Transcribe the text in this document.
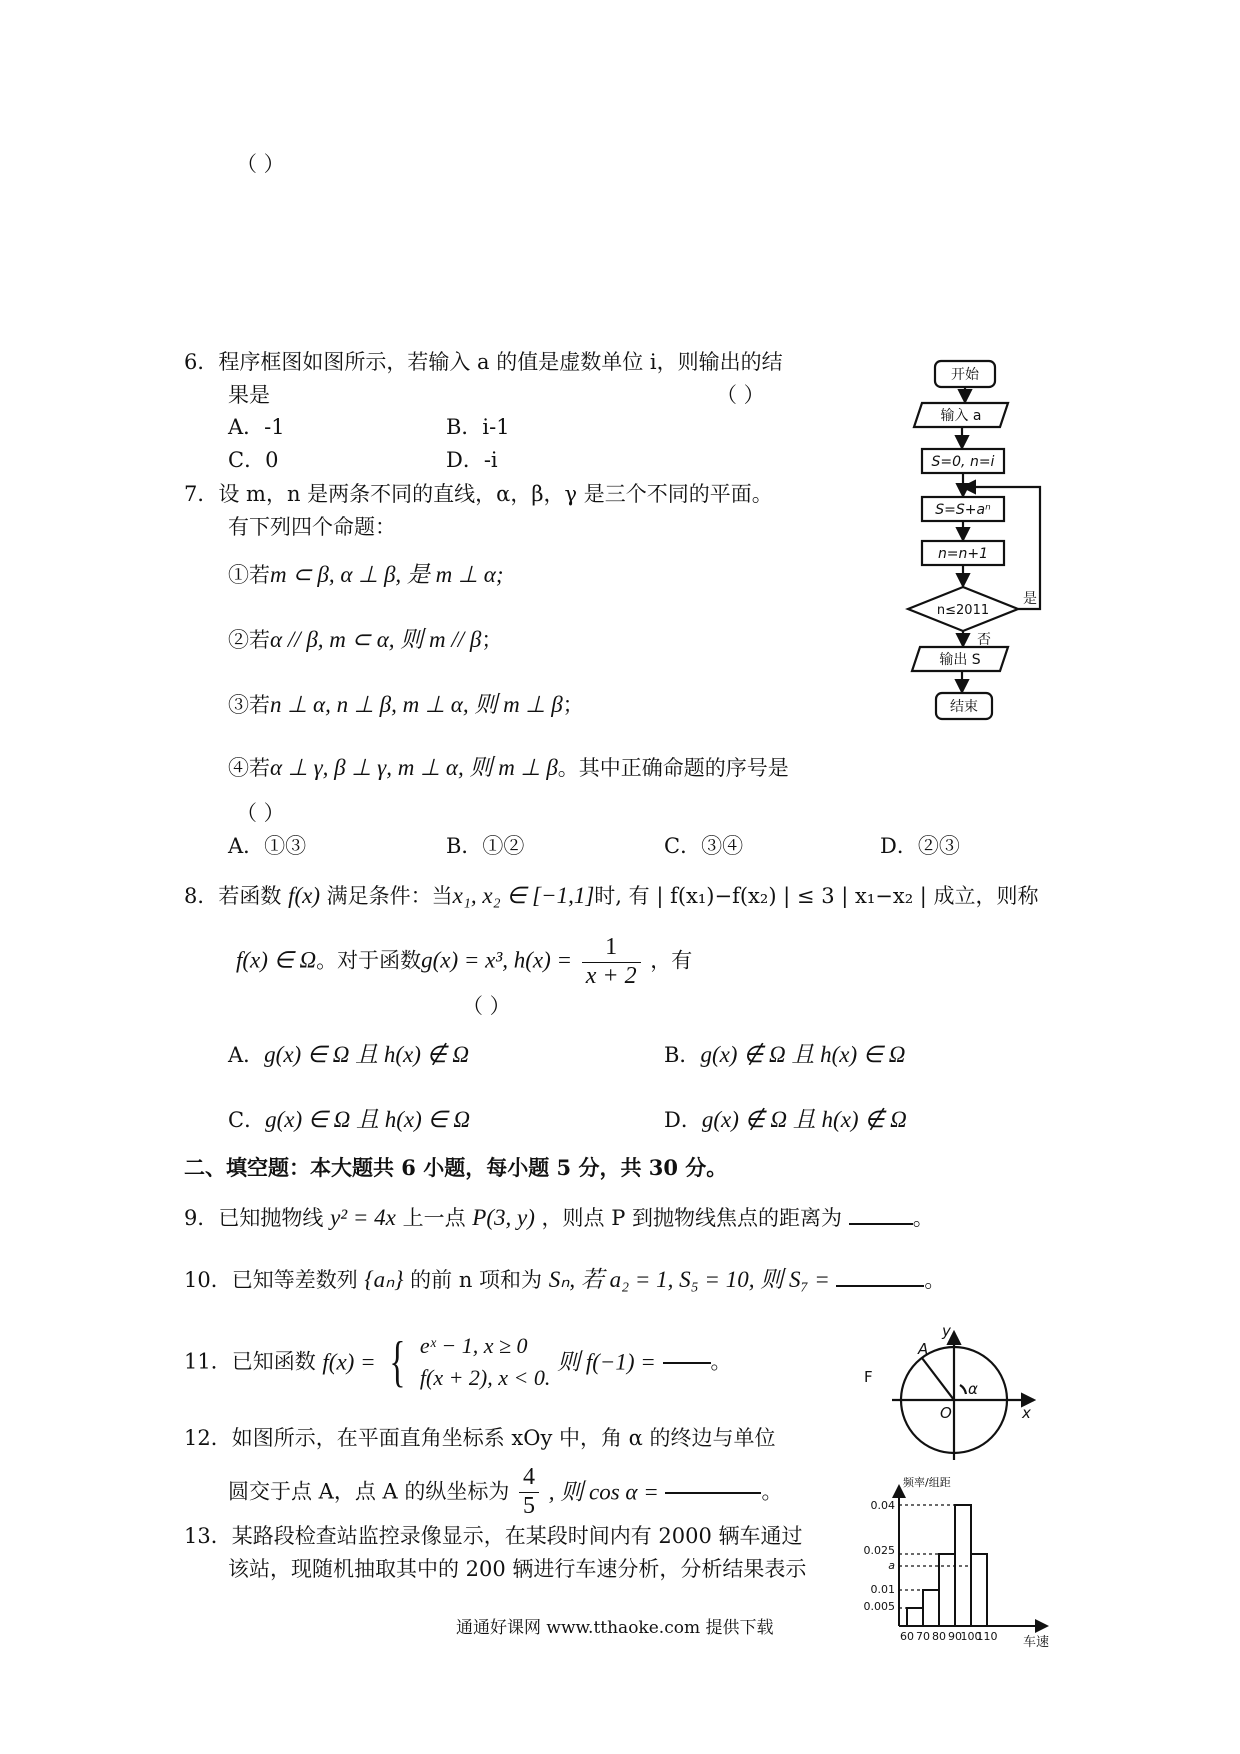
（ ）
6．程序框图如图所示，若输入 a 的值是虚数单位 i，则输出的结
果是	（ ）
A．-1	B．i-1
C．0	D．-i
开始
输入 a
S=0, n=i
S=S+aⁿ
n=n+1
n≤2011
是
否
输出 S
结束
7．设 m，n 是两条不同的直线，α，β，γ 是三个不同的平面。
有下列四个命题：
①若m ⊂ β, α ⊥ β, 是 m ⊥ α;
②若α // β, m ⊂ α, 则 m // β；
③若n ⊥ α, n ⊥ β, m ⊥ α, 则 m ⊥ β；
④若α ⊥ γ, β ⊥ γ, m ⊥ α, 则 m ⊥ β。其中正确命题的序号是
（ ）
A．①③	B．①②	C．③④	D．②③
8．若函数 f(x) 满足条件：当x₁, x₂ ∈ [−1,1]时, 有 | f(x₁)−f(x₂) | ≤ 3 | x₁−x₂ | 成立，则称
f(x) ∈ Ω。对于函数g(x) = x³, $h(x) = \frac{1}{x + 2}$ ，有
（ ）
A．g(x) ∈ Ω 且 h(x) ∉ Ω	B．g(x) ∉ Ω 且 h(x) ∈ Ω
C．g(x) ∈ Ω 且 h(x) ∈ Ω	D．g(x) ∉ Ω 且 h(x) ∉ Ω
二、填空题：本大题共 6 小题，每小题 5 分，共 30 分。
9．已知抛物线 y² = 4x 上一点 P(3, y) ，则点 P 到抛物线焦点的距离为	。
10．已知等差数列 {aₙ} 的前 n 项和为 Sₙ, 若 a₂ = 1, S₅ = 10, 则 S₇ =	。
11．已知函数 f(x) = { eˣ − 1, x ≥ 0
f(x + 2), x < 0.
则 f(−1) =	。
y
A
α
O	x
F
12．如图所示，在平面直角坐标系 xOy 中，角 α 的终边与单位
圆交于点 A，点 A 的纵坐标为 $\frac{4}{5}$ , 则 cos α =	。
0.04
0.025
a
0.01
0.005
60 70 80 90
100
110
频率/组距
车速
13．某路段检查站监控录像显示，在某段时间内有 2000 辆车通过
该站，现随机抽取其中的 200 辆进行车速分析，分析结果表示
通通好课网 www.tthaoke.com 提供下载
